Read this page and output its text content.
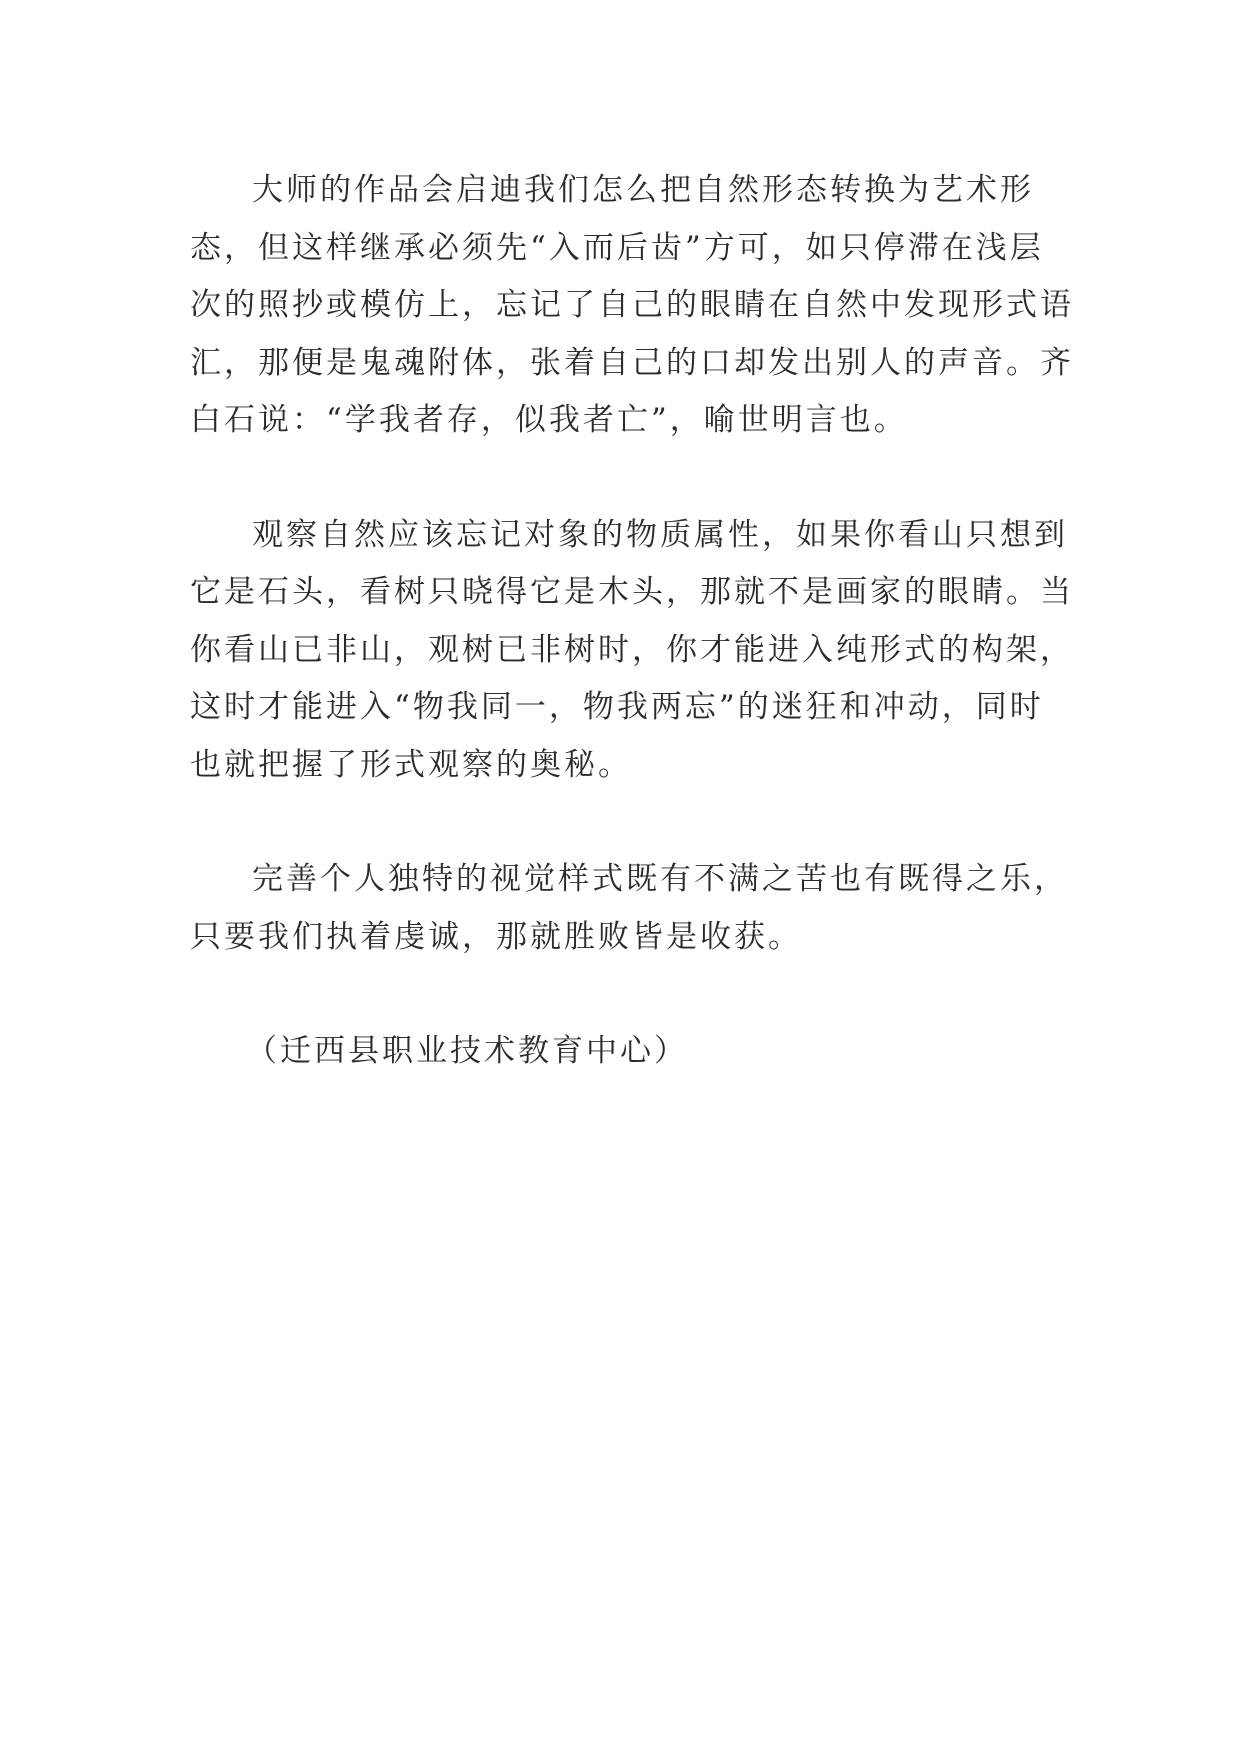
大师的作品会启迪我们怎么把自然形态转换为艺术形
态，但这样继承必须先“入而后齿”方可，如只停滞在浅层
次的照抄或模仿上，忘记了自己的眼睛在自然中发现形式语
汇，那便是鬼魂附体，张着自己的口却发出别人的声音。齐
白石说：“学我者存，似我者亡”，喻世明言也。
观察自然应该忘记对象的物质属性，如果你看山只想到
它是石头，看树只晓得它是木头，那就不是画家的眼睛。当
你看山已非山，观树已非树时，你才能进入纯形式的构架，
这时才能进入“物我同一，物我两忘”的迷狂和冲动，同时
也就把握了形式观察的奥秘。
完善个人独特的视觉样式既有不满之苦也有既得之乐，
只要我们执着虔诚，那就胜败皆是收获。
（迁西县职业技术教育中心）
